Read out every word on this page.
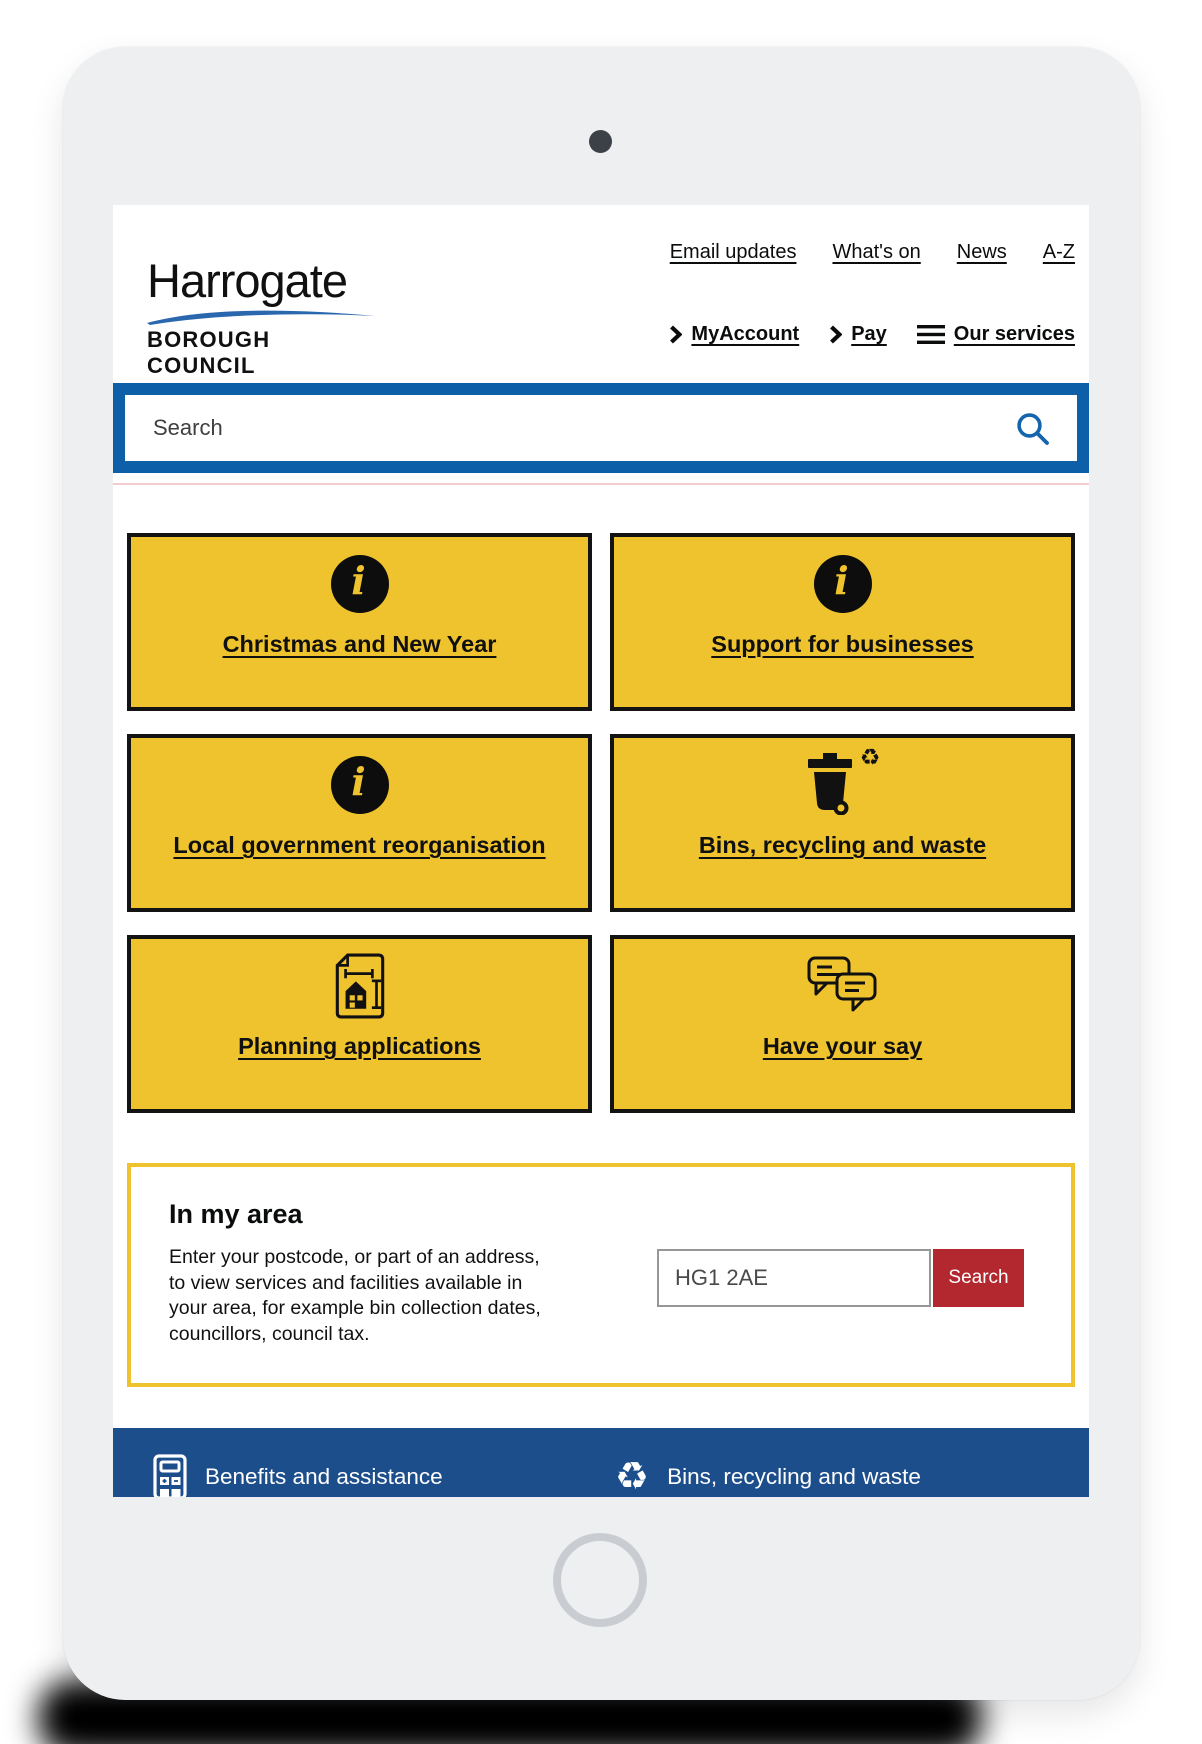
Harrogate
BOROUGH COUNCIL
Email updates What's on News A-Z
MyAccount	Pay	Our services
Search
i
Christmas and New Year
i
Support for businesses
i
Local government reorganisation
♻
Bins, recycling and waste
Planning applications	Have your say
In my area

Enter your postcode, or part of an address, to view services and facilities available in your area, for example bin collection dates, councillors, council tax.

HG1 2AE
Search
Benefits and assistance	♻ Bins, recycling and waste
